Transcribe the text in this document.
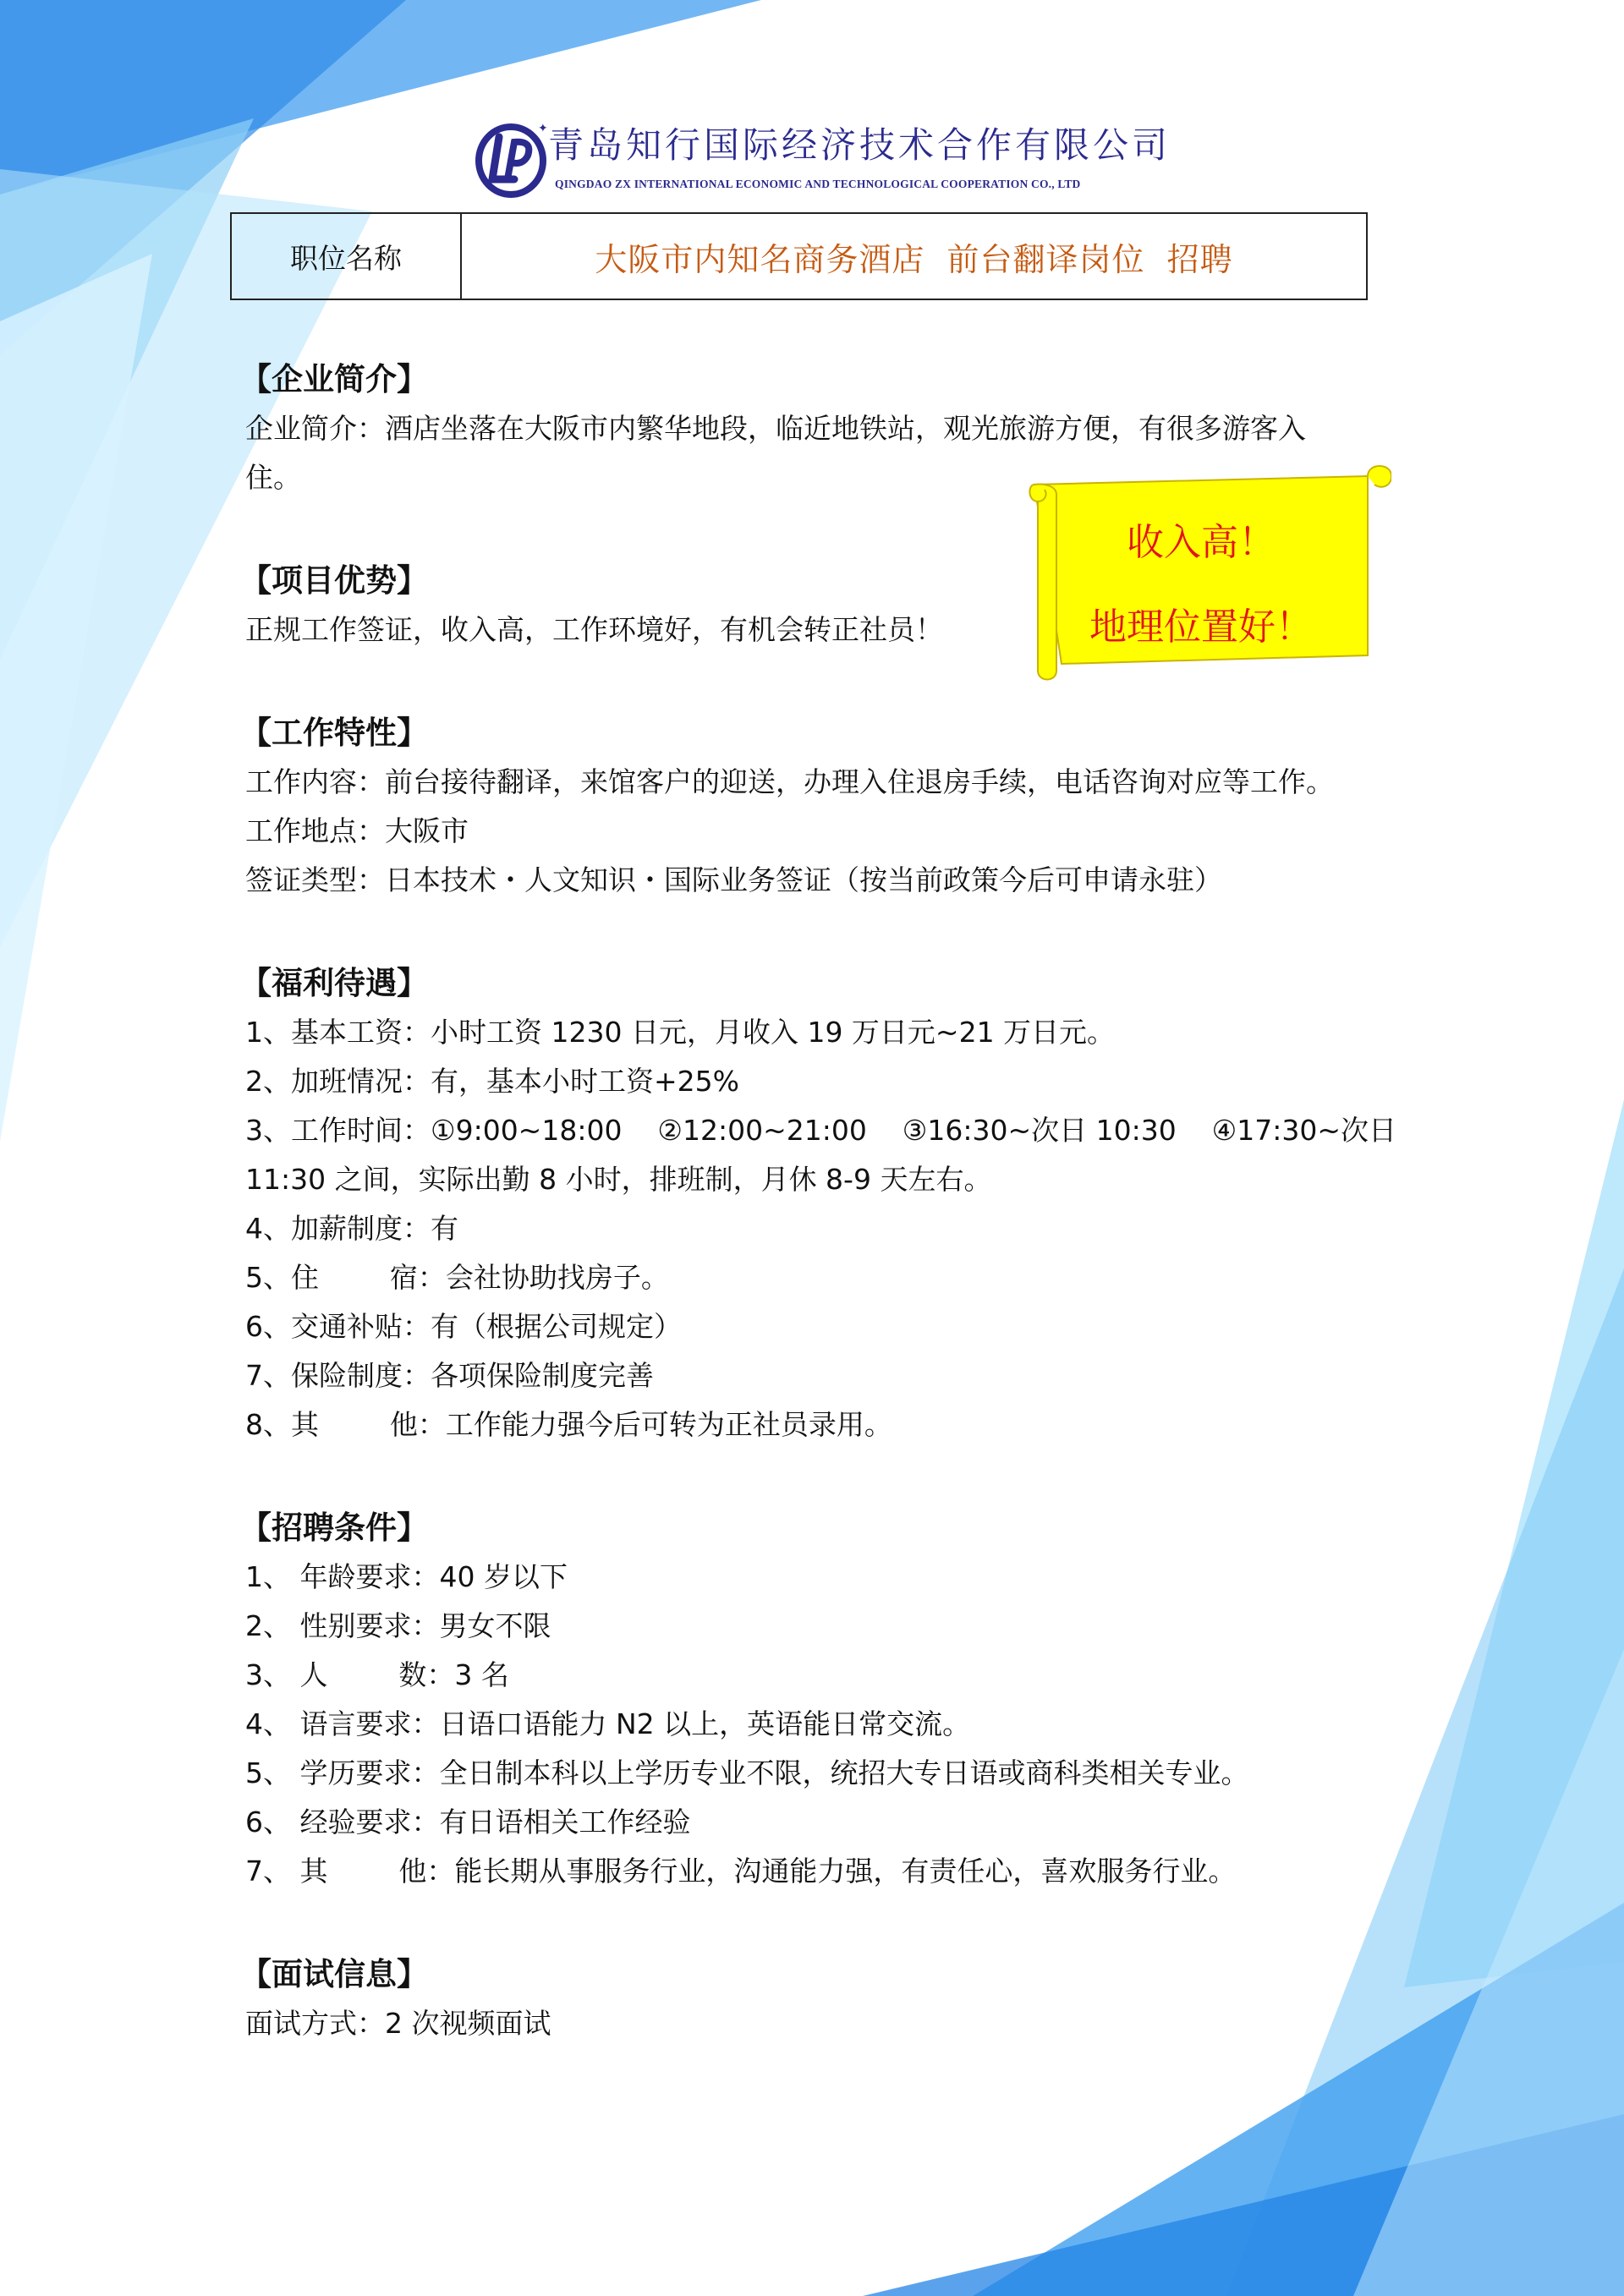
✦ 青岛知行国际经济技术合作有限公司
QINGDAO ZX INTERNATIONAL ECONOMIC AND TECHNOLOGICAL COOPERATION CO., LTD
职位名称	大阪市内知名商务酒店  前台翻译岗位  招聘
收入高！
地理位置好！
【企业简介】
企业简介：酒店坐落在大阪市内繁华地段，临近地铁站，观光旅游方便，有很多游客入住。
【项目优势】
正规工作签证，收入高，工作环境好，有机会转正社员！
【工作特性】
工作内容：前台接待翻译，来馆客户的迎送，办理入住退房手续，电话咨询对应等工作。
工作地点：大阪市
签证类型：日本技术・人文知识・国际业务签证（按当前政策今后可申请永驻）
【福利待遇】
1、基本工资：小时工资 1230 日元，月收入 19 万日元~21 万日元。
2、加班情况：有，基本小时工资+25%
3、工作时间：①9:00~18:00    ②12:00~21:00    ③16:30~次日 10:30    ④17:30~次日
11:30 之间，实际出勤 8 小时，排班制，月休 8-9 天左右。
4、加薪制度：有
5、住        宿：会社协助找房子。
6、交通补贴：有（根据公司规定）
7、保险制度：各项保险制度完善
8、其        他：工作能力强今后可转为正社员录用。
【招聘条件】
1、 年龄要求：40 岁以下
2、 性别要求：男女不限
3、 人        数：3 名
4、 语言要求：日语口语能力 N2 以上，英语能日常交流。
5、 学历要求：全日制本科以上学历专业不限，统招大专日语或商科类相关专业。
6、 经验要求：有日语相关工作经验
7、 其        他：能长期从事服务行业，沟通能力强，有责任心，喜欢服务行业。
【面试信息】
面试方式：2 次视频面试
